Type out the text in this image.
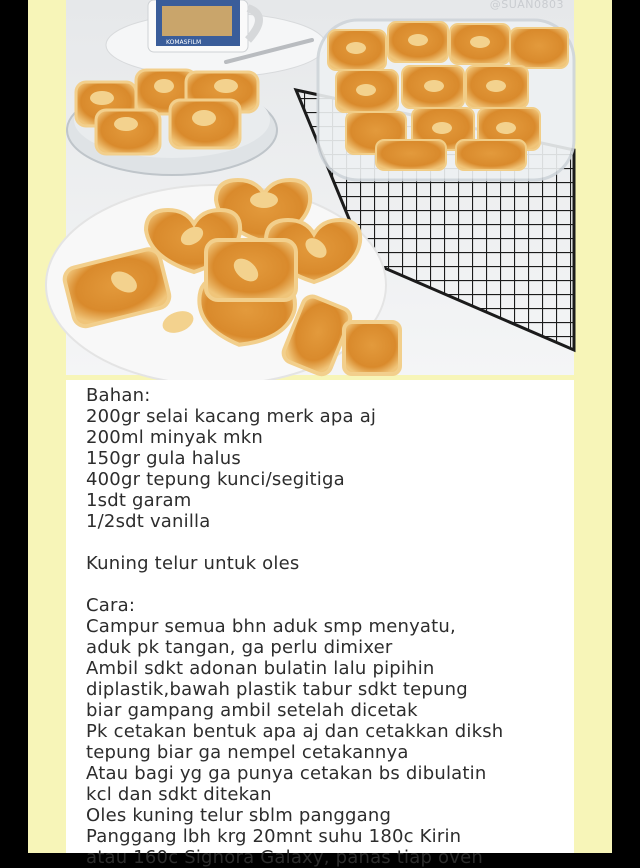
KOMASFILM
@SUAN0803
Bahan:
200gr selai kacang merk apa aj
200ml minyak mkn
150gr gula halus
400gr tepung kunci/segitiga
1sdt garam
1/2sdt vanilla
Kuning telur untuk oles
Cara:
Campur semua bhn aduk smp menyatu,
aduk pk tangan, ga perlu dimixer
Ambil sdkt adonan bulatin lalu pipihin
diplastik,bawah plastik tabur sdkt tepung
biar gampang ambil setelah dicetak
Pk cetakan bentuk apa aj dan cetakkan diksh
tepung biar ga nempel cetakannya
Atau bagi yg ga punya cetakan bs dibulatin
kcl dan sdkt ditekan
Oles kuning telur sblm panggang
Panggang lbh krg 20mnt suhu 180c Kirin
atau 160c Signora Galaxy, panas tiap oven
